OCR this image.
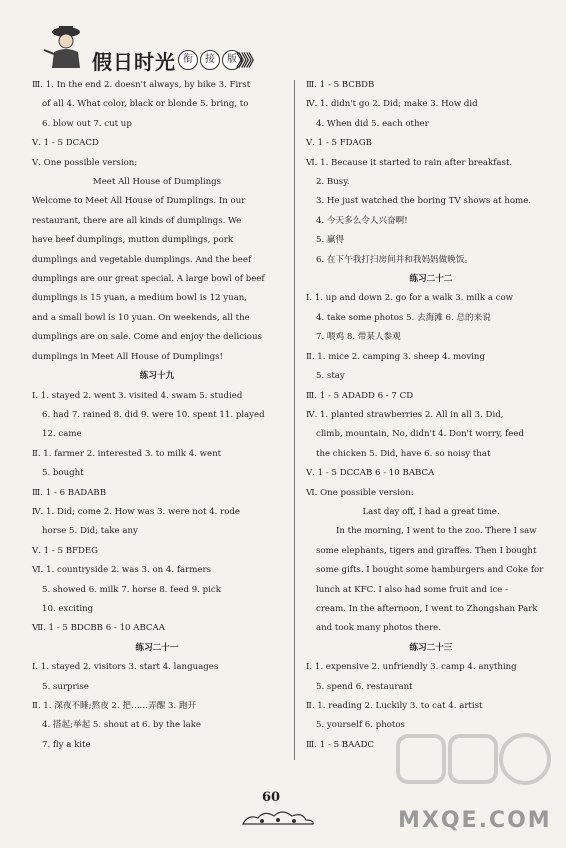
假日时光 衔	接	版 》》》
Ⅲ. 1. In the end 2. doesn't always, by bike 3. First
of all 4. What color, black or blonde 5. bring, to
6. blow out 7. cut up
Ⅴ. 1 - 5 DCACD
Ⅴ. One possible version:
Meet All House of Dumplings
Welcome to Meet All House of Dumplings. In our
restaurant, there are all kinds of dumplings. We
have beef dumplings, mutton dumplings, pork
dumplings and vegetable dumplings. And the beef
dumplings are our great special. A large bowl of beef
dumplings is 15 yuan, a medium bowl is 12 yuan,
and a small bowl is 10 yuan. On weekends, all the
dumplings are on sale. Come and enjoy the delicious
dumplings in Meet All House of Dumplings!
练习十九
Ⅰ. 1. stayed 2. went 3. visited 4. swam 5. studied
6. had 7. rained 8. did 9. were 10. spent 11. played
12. came
Ⅱ. 1. farmer 2. interested 3. to milk 4. went
5. bought
Ⅲ. 1 - 6 BADABB
Ⅳ. 1. Did; come 2. How was 3. were not 4. rode
horse 5. Did; take any
Ⅴ. 1 - 5 BFDEG
Ⅵ. 1. countryside 2. was 3. on 4. farmers
5. showed 6. milk 7. horse 8. feed 9. pick
10. exciting
Ⅶ. 1 - 5 BDCBB 6 - 10 ABCAA
练习二十一
Ⅰ. 1. stayed 2. visitors 3. start 4. languages
5. surprise
Ⅱ. 1. 深夜不睡;熬夜 2. 把……弄醒 3. 跑开
4. 搭起;举起 5. shout at 6. by the lake
7. fly a kite
Ⅲ. 1 - 5 BCBDB
Ⅳ. 1. didn't go 2. Did; make 3. How did
4. When did 5. each other
Ⅴ. 1 - 5 FDAGB
Ⅵ. 1. Because it started to rain after breakfast.
2. Busy.
3. He just watched the boring TV shows at home.
4. 今天多么令人兴奋啊!
5. 赢得
6. 在下午我打扫房间并和我妈妈做晚饭。
练习二十二
Ⅰ. 1. up and down 2. go for a walk 3. milk a cow
4. take some photos 5. 去海滩 6. 总的来说
7. 喂鸡 8. 带某人参观
Ⅱ. 1. mice 2. camping 3. sheep 4. moving
5. stay
Ⅲ. 1 - 5 ADADD 6 - 7 CD
Ⅳ. 1. planted strawberries 2. All in all 3. Did,
climb, mountain, No, didn't 4. Don't worry, feed
the chicken 5. Did, have 6. so noisy that
Ⅴ. 1 - 5 DCCAB 6 - 10 BABCA
Ⅵ. One possible version:
Last day off, I had a great time.
In the morning, I went to the zoo. There I saw
some elephants, tigers and giraffes. Then I bought
some gifts. I bought some hamburgers and Coke for
lunch at KFC. I also had some fruit and ice -
cream. In the afternoon, I went to Zhongshan Park
and took many photos there.
练习二十三
Ⅰ. 1. expensive 2. unfriendly 3. camp 4. anything
5. spend 6. restaurant
Ⅱ. 1. reading 2. Luckily 3. to cat 4. artist
5. yourself 6. photos
Ⅲ. 1 - 5 BAADC
60
MXQE.COM
